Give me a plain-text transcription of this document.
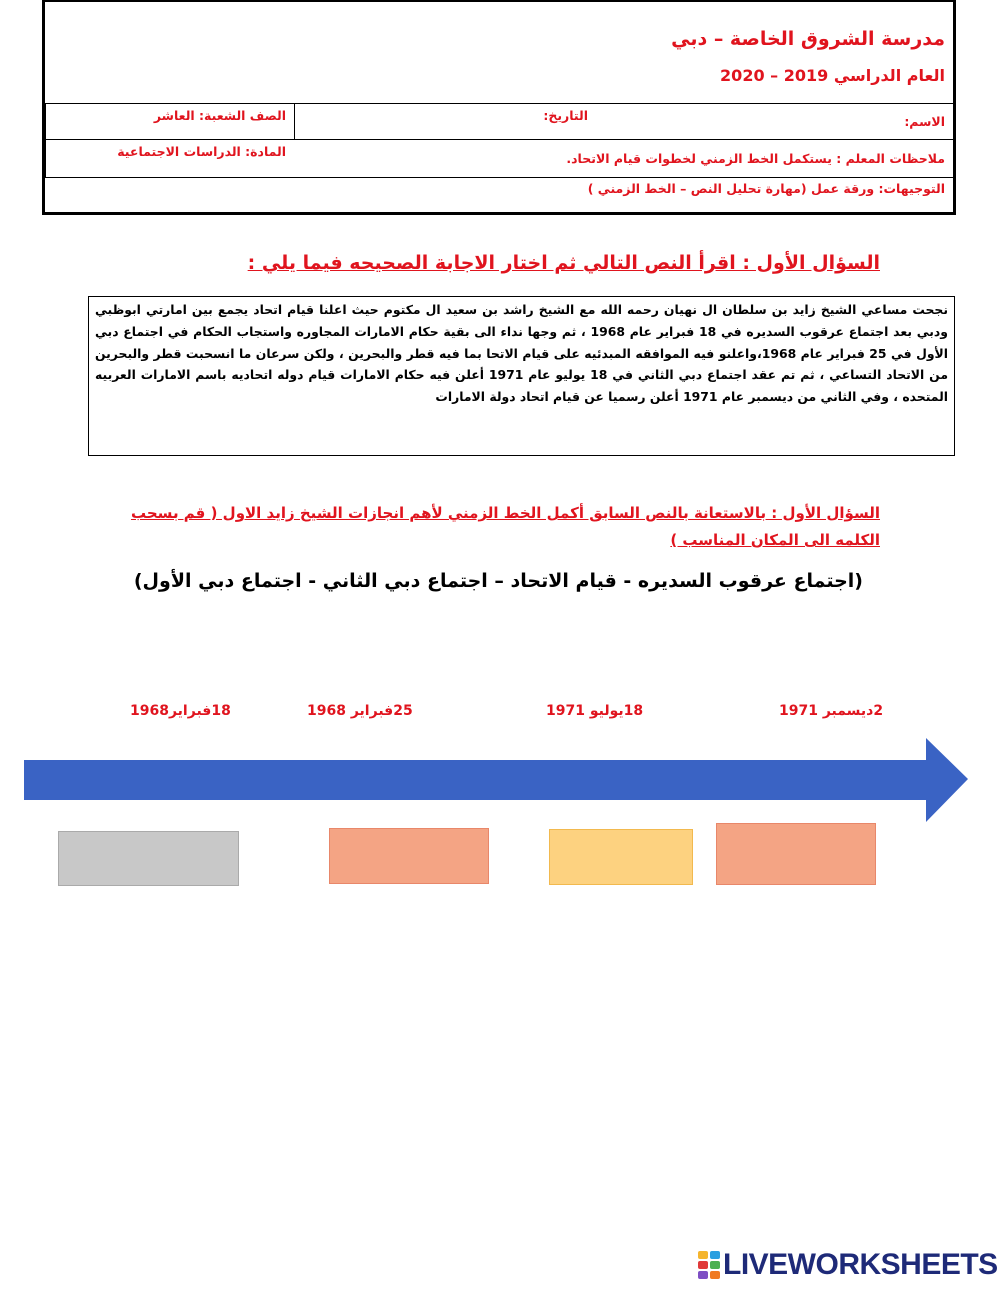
مدرسة الشروق الخاصة – دبي
العام الدراسي 2019 – 2020
الاسم:
التاريخ:
الصف الشعبة: العاشر
ملاحظات المعلم : يستكمل الخط الزمني لخطوات قيام الاتحاد.
المادة: الدراسات الاجتماعية
التوجيهات: ورقة عمل (مهارة تحليل النص – الخط الزمني )
السؤال الأول : اقرأ النص التالي ثم اختار الاجابة الصحيحه فيما يلي :
نجحت مساعي الشيخ زايد بن سلطان ال نهيان رحمه الله مع الشيخ راشد بن سعيد ال مكتوم حيث اعلنا قيام اتحاد يجمع بين امارتي ابوظبي ودبي بعد اجتماع عرقوب السديره في 18 فبراير عام 1968 ، ثم وجها نداء الى بقية حكام الامارات المجاوره واستجاب الحكام في اجتماع دبي الأول في 25 فبراير عام 1968،واعلنو فيه الموافقه المبدئيه على قيام الاتحا بما فيه قطر والبحرين ، ولكن سرعان ما انسحبت قطر والبحرين من الاتحاد التساعي ، ثم تم عقد اجتماع دبي الثاني في 18 يوليو عام 1971 أعلن فيه حكام الامارات قيام دوله اتحاديه باسم الامارات العربيه المتحده ، وفي الثاني من ديسمبر عام 1971 أعلن رسميا عن قيام اتحاد دولة الامارات
السؤال الأول : بالاستعانة بالنص السابق أكمل الخط الزمني لأهم انجازات الشيخ زايد الاول ( قم بسحب الكلمه الى المكان المناسب )
(اجتماع عرقوب السديره - قيام الاتحاد – اجتماع دبي الثاني - اجتماع دبي الأول)
2ديسمبر 1971
18يوليو 1971
25فبراير 1968
18فبراير1968
LIVEWORKSHEETS
